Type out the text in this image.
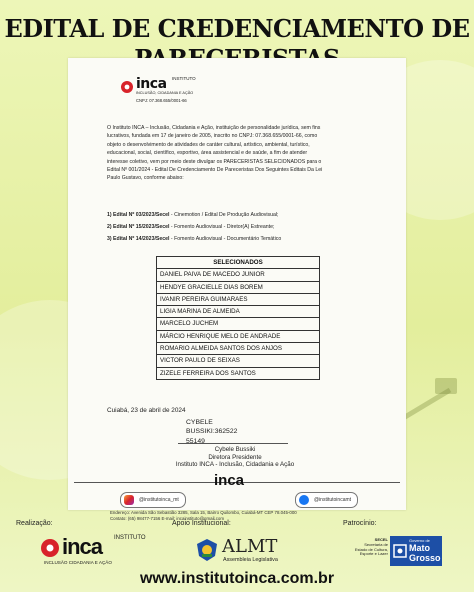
EDITAL DE CREDENCIAMENTO DE
inca INSTITUTO
INCLUSÃO, CIDADANIA E AÇÃO
CNPJ: 07.368.655/0001-66
O Instituto INCA – Inclusão, Cidadania e Ação, instituição de personalidade jurídica, sem fins
lucrativos, fundada em 17 de janeiro de 2005, inscrito no CNPJ: 07.368.655/0001-66, como
objeto o desenvolvimento de atividades de caráter cultural, artístico, ambiental, turístico,
educacional, social, científico, esportivo, área assistencial e de saúde, a fim de atender
interesse coletivo, vem por meio deste divulgar os PARECERISTAS SELECIONADOS para o
Edital Nº 001/2024 - Edital De Credenciamento De Pareceristas Dos Seguintes Editais Da Lei
Paulo Gustavo, conforme abaixo:
1) Edital Nº 03/2023/Secel - Cinemotion / Edital De Produção Audiovisual;
2) Edital Nº 15/2023/Secel - Fomento Audiovisual - Diretor(A) Estreante;
3) Edital Nº 14/2023/Secel - Fomento Audiovisual - Documentário Temático
SELECIONADOS
DANIEL PAIVA DE MACEDO JUNIOR
HENDYE GRACIELLE DIAS BOREM
IVANIR PEREIRA GUIMARAES
LIGIA MARINA DE ALMEIDA
MARCELO JUCHEM
MÁRCIO HENRIQUE MELO DE ANDRADE
ROMARIO ALMEIDA SANTOS DOS ANJOS
VICTOR PAULO DE SEIXAS
ZIZELE FERREIRA DOS SANTOS
Cuiabá, 23 de abril de 2024
CYBELE
BUSSIKI:362522
55149
Cybele Bussiki
Diretora Presidente
Instituto INCA - Inclusão, Cidadania e Ação
inca
@institutoinca_mt	@institutoincamt
Endereço: Avenida São Sebastião 3285, Sala 15, Bairro Quilombo, Cuiabá-MT CEP 78.045-000
Contato: (65) 98477-7156 E-mail: incainstituto@gmail.com
Realização:	Apoio Institucional:	Patrocínio:
inca INSTITUTO
INCLUSÃO CIDADANIA E AÇÃO
ALMT
Assembleia Legislativa
SECEL
Secretaria de
Estado de Cultura,
Esporte e Lazer
Governo de
Mato
Grosso
www.institutoinca.com.br
